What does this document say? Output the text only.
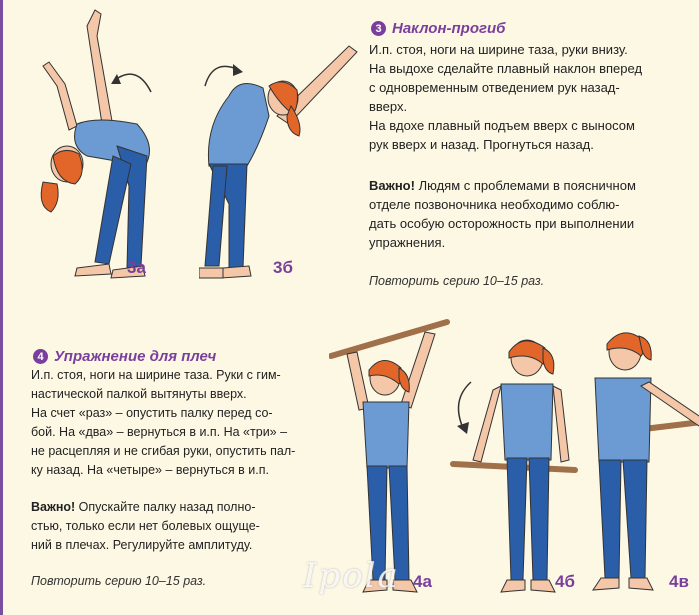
3а	3б
3 Наклон-прогиб
И.п. стоя, ноги на ширине таза, руки внизу.
На выдохе сделайте плавный наклон вперед
с одновременным отведением рук назад-
вверх.
На вдохе плавный подъем вверх с выносом
рук вверх и назад. Прогнуться назад.
Важно! Людям с проблемами в поясничном
отделе позвоночника необходимо соблю-
дать особую осторожность при выполнении
упражнения.
Повторить серию 10–15 раз.
4 Упражнение для плеч
И.п. стоя, ноги на ширине таза. Руки с гим-
настической палкой вытянуты вверх.
На счет «раз» – опустить палку перед со-
бой. На «два» – вернуться в и.п. На «три» –
не расцепляя и не сгибая руки, опустить пал-
ку назад. На «четыре» – вернуться в и.п.
Важно! Опускайте палку назад полно-
стью, только если нет болевых ощуще-
ний в плечах. Регулируйте амплитуду.
Повторить серию 10–15 раз.	4а	4б	4в
Ipola
